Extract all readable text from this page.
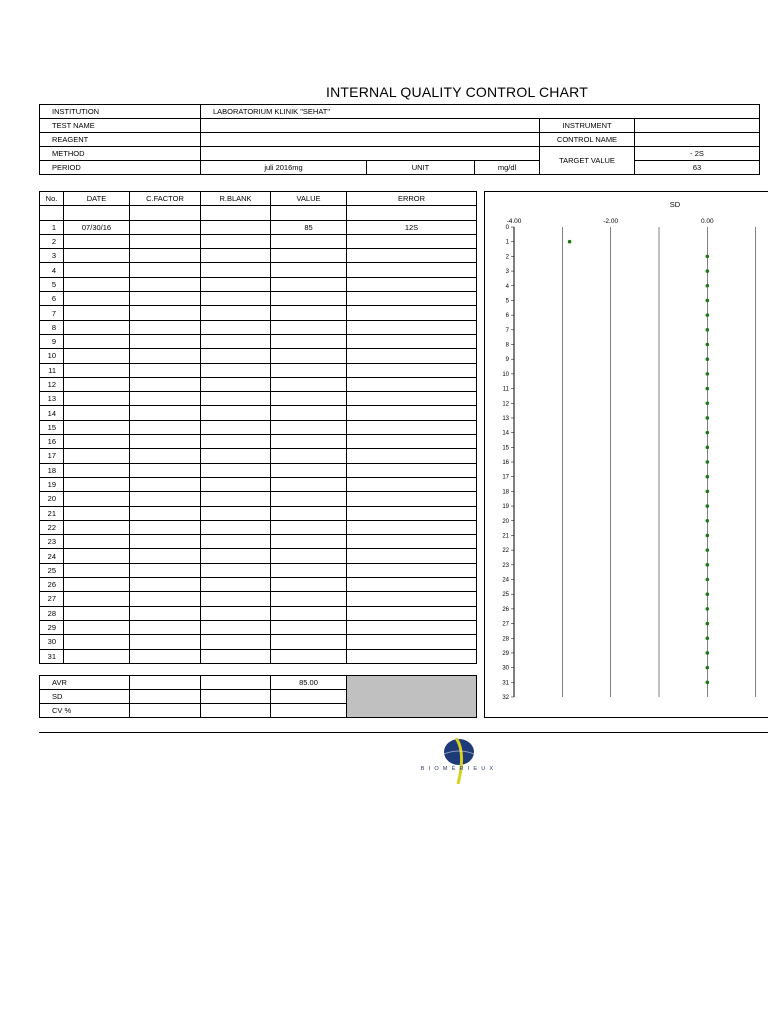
INTERNAL QUALITY CONTROL CHART
INSTITUTION	LABORATORIUM KLINIK "SEHAT"				
TEST NAME				INSTRUMENT	
REAGENT				CONTROL NAME	
METHOD				TARGET VALUE	- 2S
PERIOD	juli 2016mg	UNIT	mg/dl		63
No.	DATE	C.FACTOR	R.BLANK	VALUE	ERROR

1	07/30/16			85	12S
2					
3					
4					
5					
6					
7					
8					
9					
10					
11					
12					
13					
14					
15					
16					
17					
18					
19					
20					
21					
22					
23					
24					
25					
26					
27					
28					
29					
30					
31					
AVR			85.00	
SD				
CV %				
SD
-4.00	-2.00	0.00
0
1
2
3
4
5
6
7
8
9
10
11
12
13
14
15
16
17
18
19
20
21
22
23
24
25
26
27
28
29
30
31
32
BIOMÉRIEUX
